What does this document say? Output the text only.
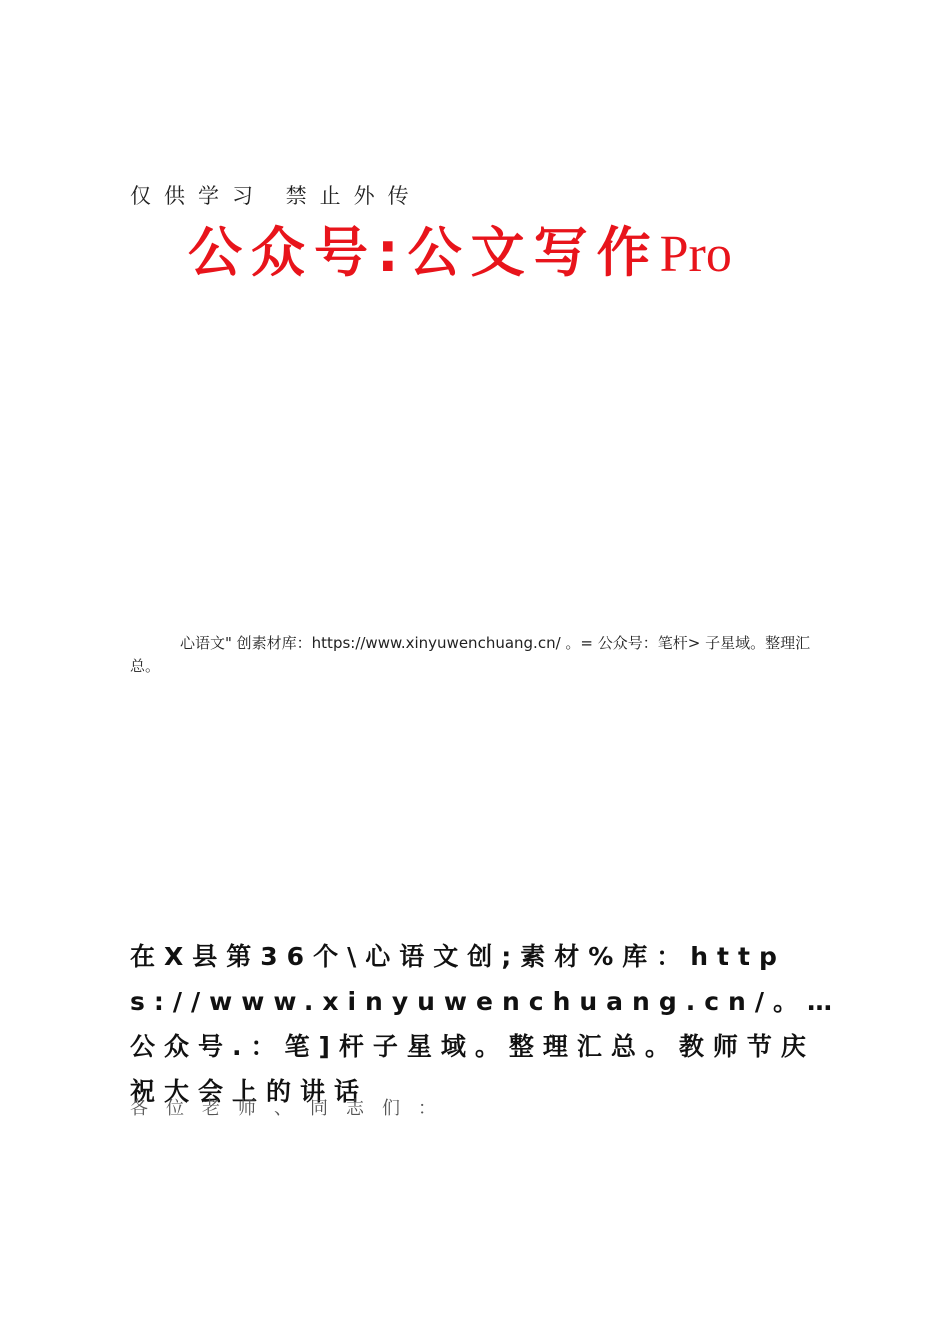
仅供学习 禁止外传
公众号:公文写作Pro
心语文" 创素材库：https://www.xinyuwenchuang.cn/ 。= 公众号：笔杆> 子星域。整理汇总。
在X县第36个\心语文创;素材%库：https://www.xinyuwenchuang.cn/。…公众号.：笔]杆子星域。整理汇总。教师节庆祝大会上的讲话
各位老师、同志们：
